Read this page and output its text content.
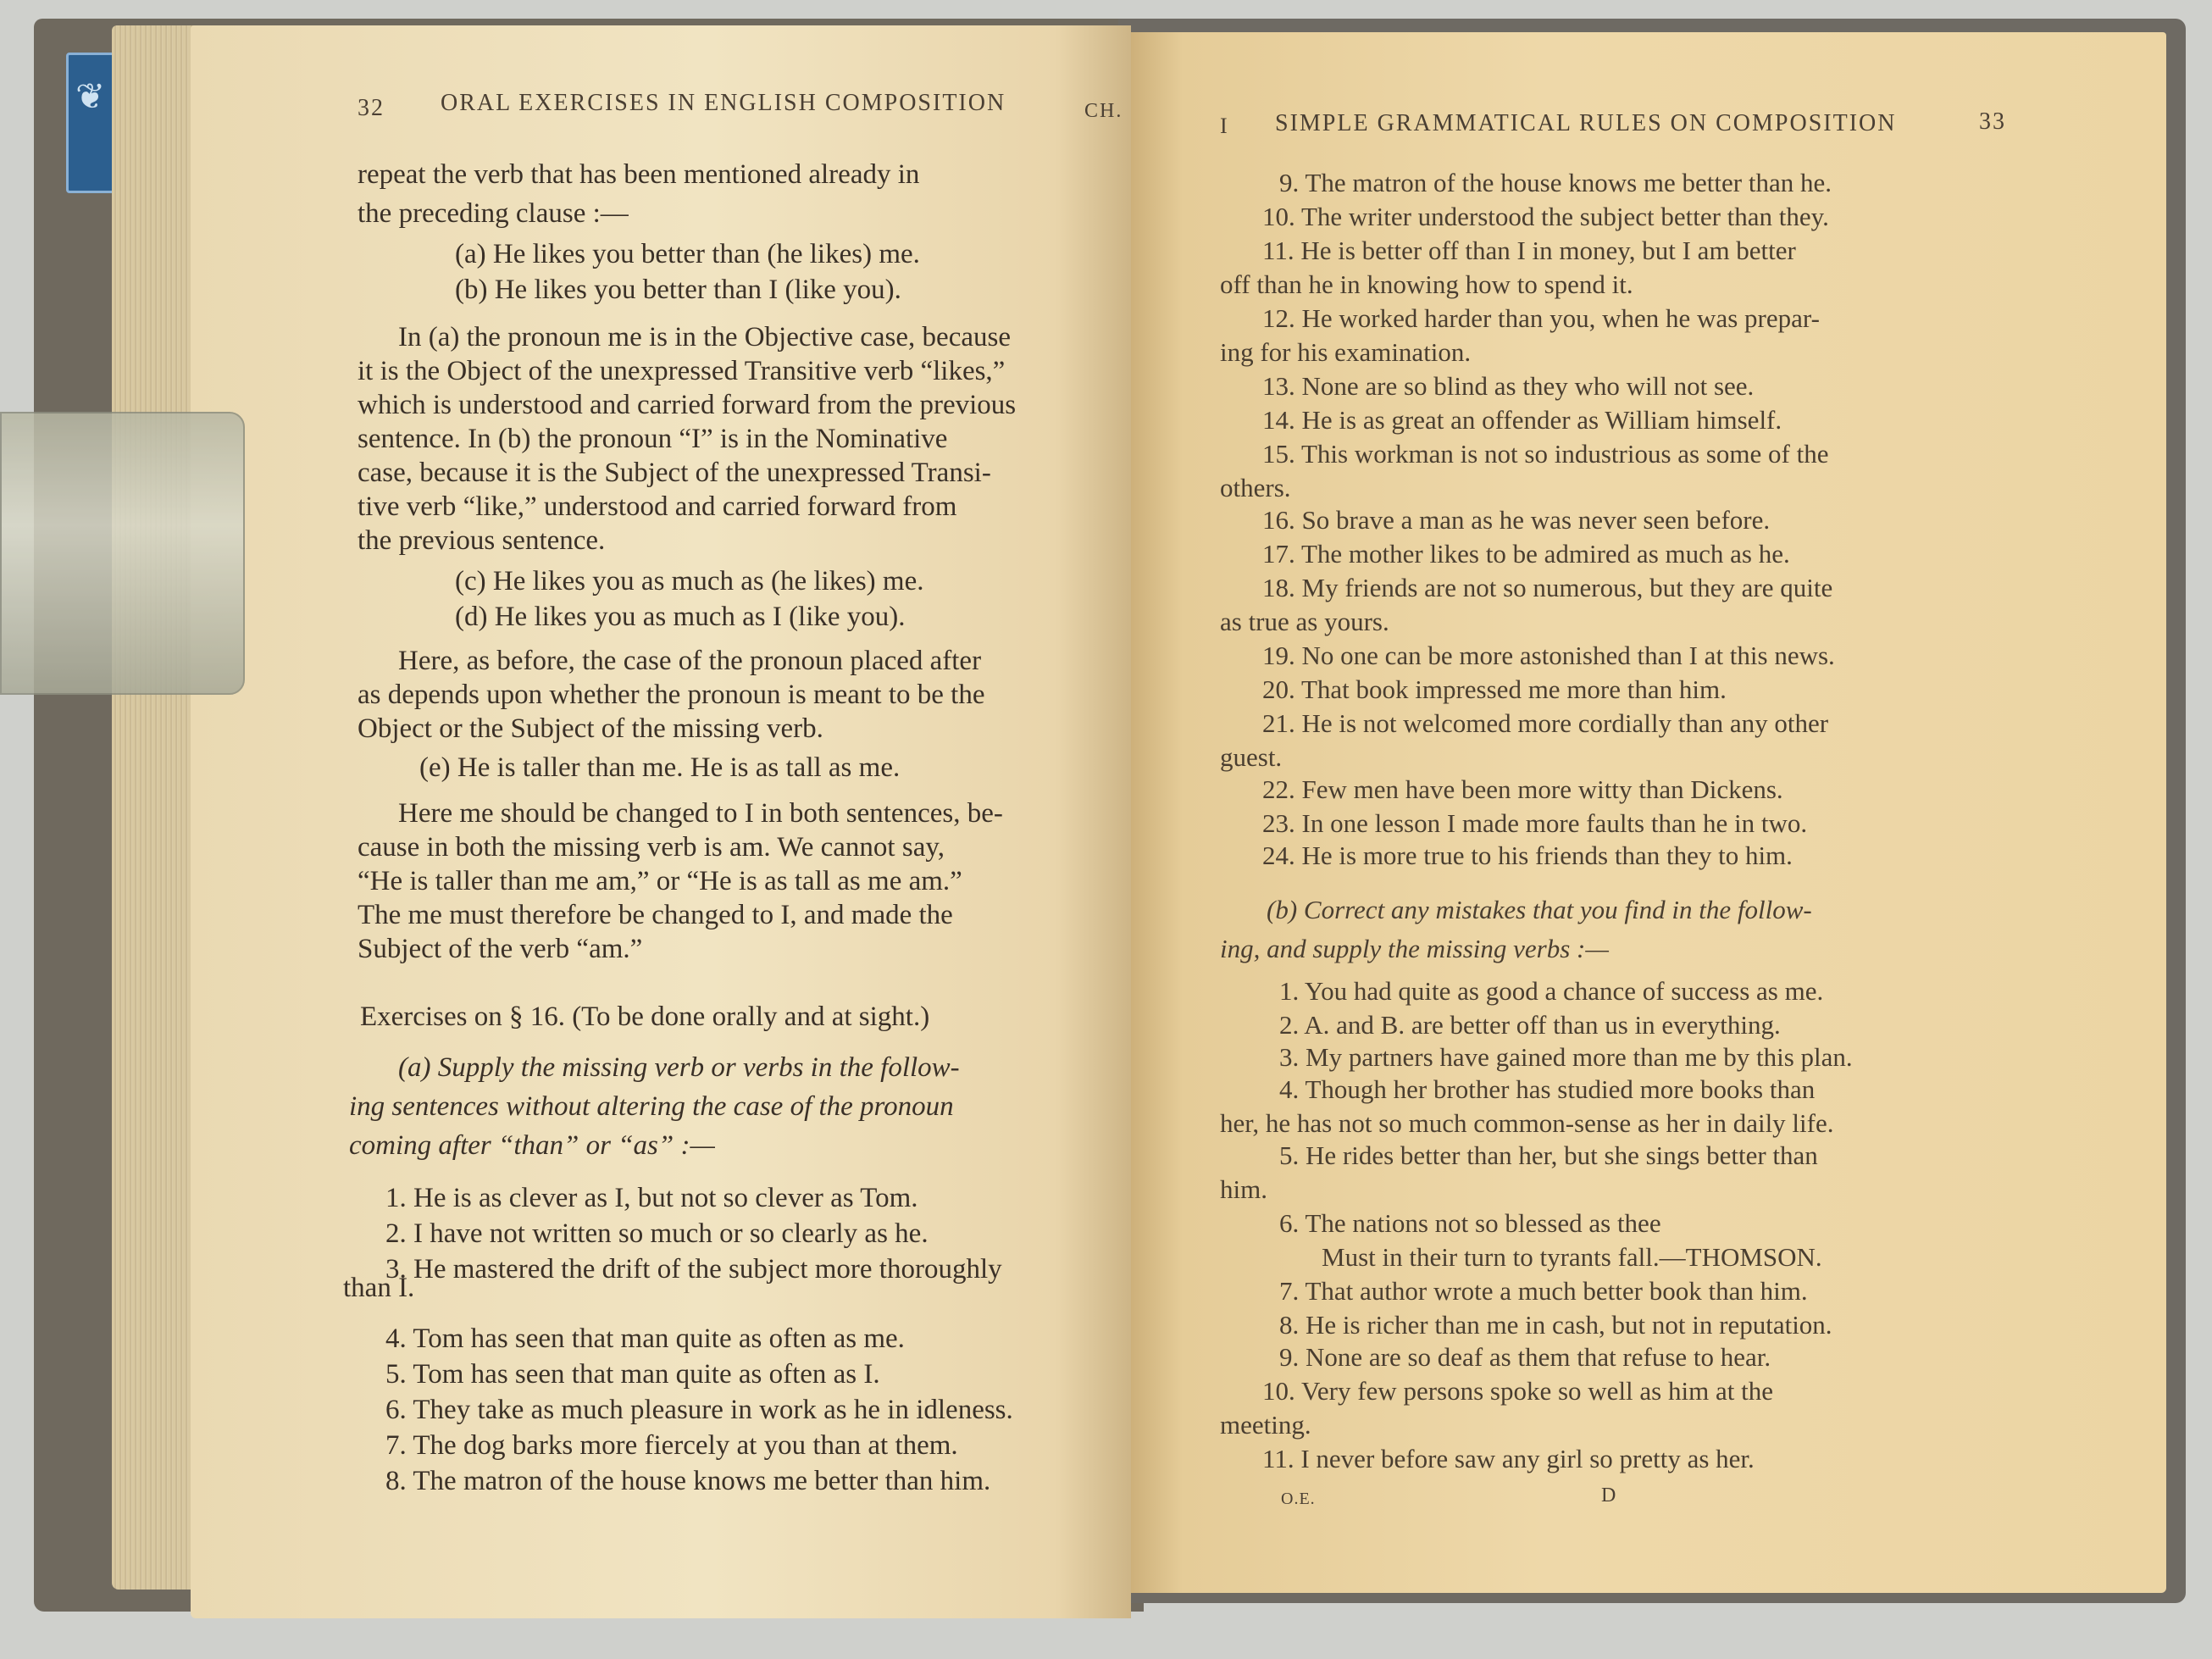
❦	32 ORAL EXERCISES IN ENGLISH COMPOSITION	CH.
repeat the verb that has been mentioned already in
the preceding clause :—
(a) He likes you better than (he likes) me.
(b) He likes you better than I (like you).
In (a) the pronoun me is in the Objective case, because
it is the Object of the unexpressed Transitive verb “likes,”
which is understood and carried forward from the previous
sentence. In (b) the pronoun “I” is in the Nominative
case, because it is the Subject of the unexpressed Transi-
tive verb “like,” understood and carried forward from
the previous sentence.
(c) He likes you as much as (he likes) me.
(d) He likes you as much as I (like you).
Here, as before, the case of the pronoun placed after
as depends upon whether the pronoun is meant to be the
Object or the Subject of the missing verb.
(e) He is taller than me. He is as tall as me.
Here me should be changed to I in both sentences, be-
cause in both the missing verb is am. We cannot say,
“He is taller than me am,” or “He is as tall as me am.”
The me must therefore be changed to I, and made the
Subject of the verb “am.”
Exercises on § 16. (To be done orally and at sight.)
(a) Supply the missing verb or verbs in the follow-
ing sentences without altering the case of the pronoun
coming after “than” or “as” :—
1. He is as clever as I, but not so clever as Tom.
2. I have not written so much or so clearly as he.
3. He mastered the drift of the subject more thoroughly
than I.
4. Tom has seen that man quite as often as me.
5. Tom has seen that man quite as often as I.
6. They take as much pleasure in work as he in idleness.
7. The dog barks more fiercely at you than at them.
8. The matron of the house knows me better than him.
I SIMPLE GRAMMATICAL RULES ON COMPOSITION	33
9. The matron of the house knows me better than he.
10. The writer understood the subject better than they.
11. He is better off than I in money, but I am better
off than he in knowing how to spend it.
12. He worked harder than you, when he was prepar-
ing for his examination.
13. None are so blind as they who will not see.
14. He is as great an offender as William himself.
15. This workman is not so industrious as some of the
others.
16. So brave a man as he was never seen before.
17. The mother likes to be admired as much as he.
18. My friends are not so numerous, but they are quite
as true as yours.
19. No one can be more astonished than I at this news.
20. That book impressed me more than him.
21. He is not welcomed more cordially than any other
guest.
22. Few men have been more witty than Dickens.
23. In one lesson I made more faults than he in two.
24. He is more true to his friends than they to him.
(b) Correct any mistakes that you find in the follow-
ing, and supply the missing verbs :—
1. You had quite as good a chance of success as me.
2. A. and B. are better off than us in everything.
3. My partners have gained more than me by this plan.
4. Though her brother has studied more books than
her, he has not so much common-sense as her in daily life.
5. He rides better than her, but she sings better than
him.
6. The nations not so blessed as thee
Must in their turn to tyrants fall.—THOMSON.
7. That author wrote a much better book than him.
8. He is richer than me in cash, but not in reputation.
9. None are so deaf as them that refuse to hear.
10. Very few persons spoke so well as him at the
meeting.
11. I never before saw any girl so pretty as her.
O.E.	D
